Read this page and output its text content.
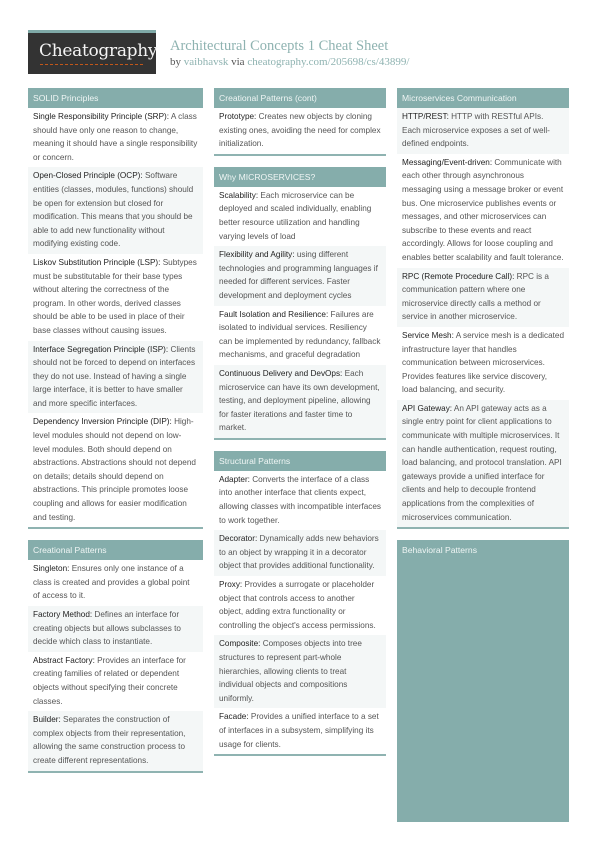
Cheatography Architectural Concepts 1 Cheat Sheet
by vaibhavsk via cheatography.com/205698/cs/43899/
SOLID Principles
Single Responsibility Principle (SRP): A class should have only one reason to change, meaning it should have a single responsibility or concern.
Open-Closed Principle (OCP): Software entities (classes, modules, functions) should be open for extension but closed for modification. This means that you should be able to add new functionality without modifying existing code.
Liskov Substitution Principle (LSP): Subtypes must be substitutable for their base types without altering the correctness of the program. In other words, derived classes should be able to be used in place of their base classes without causing issues.
Interface Segregation Principle (ISP): Clients should not be forced to depend on interfaces they do not use. Instead of having a single large interface, it is better to have smaller and more specific interfaces.
Dependency Inversion Principle (DIP): High-level modules should not depend on low-level modules. Both should depend on abstractions. Abstractions should not depend on details; details should depend on abstractions. This principle promotes loose coupling and allows for easier modification and testing.
Creational Patterns
Singleton: Ensures only one instance of a class is created and provides a global point of access to it.
Factory Method: Defines an interface for creating objects but allows subclasses to decide which class to instantiate.
Abstract Factory: Provides an interface for creating families of related or dependent objects without specifying their concrete classes.
Builder: Separates the construction of complex objects from their representation, allowing the same construction process to create different representations.
Creational Patterns (cont)
Prototype: Creates new objects by cloning existing ones, avoiding the need for complex initialization.
Why MICROSERVICES?
Scalability: Each microservice can be deployed and scaled individually, enabling better resource utilization and handling varying levels of load
Flexibility and Agility: using different technologies and programming languages if needed for different services. Faster development and deployment cycles
Fault Isolation and Resilience: Failures are isolated to individual services. Resiliency can be implemented by redundancy, fallback mechanisms, and graceful degradation
Continuous Delivery and DevOps: Each microservice can have its own development, testing, and deployment pipeline, allowing for faster iterations and faster time to market.
Structural Patterns
Adapter: Converts the interface of a class into another interface that clients expect, allowing classes with incompatible interfaces to work together.
Decorator: Dynamically adds new behaviors to an object by wrapping it in a decorator object that provides additional functionality.
Proxy: Provides a surrogate or placeholder object that controls access to another object, adding extra functionality or controlling the object's access permissions.
Composite: Composes objects into tree structures to represent part-whole hierarchies, allowing clients to treat individual objects and compositions uniformly.
Facade: Provides a unified interface to a set of interfaces in a subsystem, simplifying its usage for clients.
Microservices Communication
HTTP/REST: HTTP with RESTful APIs. Each microservice exposes a set of well-defined endpoints.
Messaging/Event-driven: Communicate with each other through asynchronous messaging using a message broker or event bus. One microservice publishes events or messages, and other microservices can subscribe to these events and react accordingly. Allows for loose coupling and enables better scalability and fault tolerance.
RPC (Remote Procedure Call): RPC is a communication pattern where one microservice directly calls a method or service in another microservice.
Service Mesh: A service mesh is a dedicated infrastructure layer that handles communication between microservices. Provides features like service discovery, load balancing, and security.
API Gateway: An API gateway acts as a single entry point for client applications to communicate with multiple microservices. It can handle authentication, request routing, load balancing, and protocol translation. API gateways provide a unified interface for clients and help to decouple frontend applications from the complexities of microservices communication.
Behavioral Patterns
